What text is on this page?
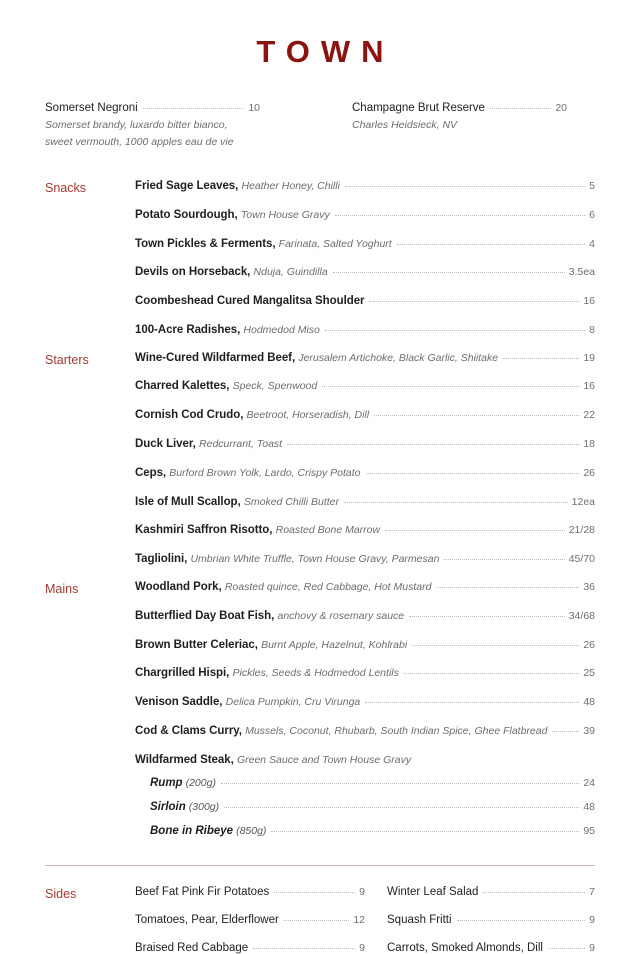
TOWN
Somerset Negroni	10
Somerset brandy, luxardo bitter bianco,
sweet vermouth, 1000 apples eau de vie
Champagne Brut Reserve	20
Charles Heidsieck, NV
Snacks	Fried Sage Leaves, Heather Honey, Chilli	5
Potato Sourdough, Town House Gravy	6
Town Pickles & Ferments, Farinata, Salted Yoghurt	4
Devils on Horseback, Nduja, Guindilla	3.5ea
Coombeshead Cured Mangalitsa Shoulder	16
100-Acre Radishes, Hodmedod Miso	8
Starters	Wine-Cured Wildfarmed Beef, Jerusalem Artichoke, Black Garlic, Shiitake	19
Charred Kalettes, Speck, Spenwood	16
Cornish Cod Crudo, Beetroot, Horseradish, Dill	22
Duck Liver, Redcurrant, Toast	18
Ceps, Burford Brown Yolk, Lardo, Crispy Potato	26
Isle of Mull Scallop, Smoked Chilli Butter	12ea
Kashmiri Saffron Risotto, Roasted Bone Marrow	21/28
Tagliolini, Umbrian White Truffle, Town House Gravy, Parmesan	45/70
Mains	Woodland Pork, Roasted quince, Red Cabbage, Hot Mustard	36
Butterflied Day Boat Fish, anchovy & rosemary sauce	34/68
Brown Butter Celeriac, Burnt Apple, Hazelnut, Kohlrabi	26
Chargrilled Hispi, Pickles, Seeds & Hodmedod Lentils	25
Venison Saddle, Delica Pumpkin, Cru Virunga	48
Cod & Clams Curry, Mussels, Coconut, Rhubarb, South Indian Spice, Ghee Flatbread	39
Wildfarmed Steak, Green Sauce and Town House Gravy
Rump (200g)	24
Sirloin (300g)	48
Bone in Ribeye (850g)	95
Sides	Beef Fat Pink Fir Potatoes	9
Tomatoes, Pear, Elderflower	12
Braised Red Cabbage	9
Winter Leaf Salad	7
Squash Fritti	9
Carrots, Smoked Almonds, Dill	9
